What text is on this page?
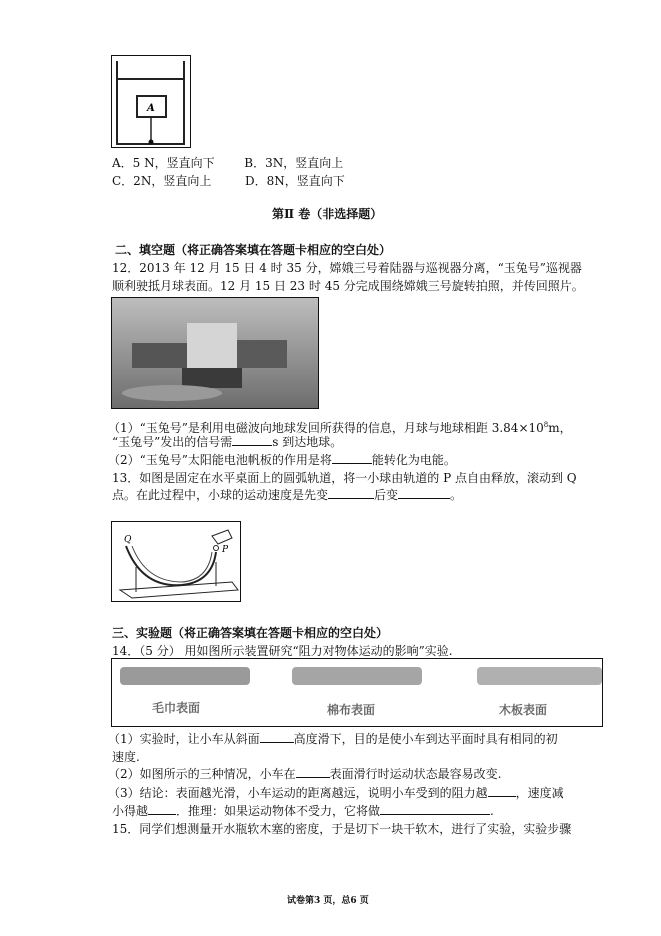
A
A．5 N，竖直向下 B．3N，竖直向上
C．2N，竖直向上	D．8N，竖直向下
第Ⅱ 卷（非选择题）
二、填空题（将正确答案填在答题卡相应的空白处）
12．2013 年 12 月 15 日 4 时 35 分，嫦娥三号着陆器与巡视器分离，“玉兔号”巡视器
顺利驶抵月球表面。12 月 15 日 23 时 45 分完成围绕嫦娥三号旋转拍照，并传回照片。
（1）“玉兔号”是利用电磁波向地球发回所获得的信息，月球与地球相距 $3.84\times 10^8m$，
“玉兔号”发出的信号需	s 到达地球。
（2）“玉兔号”太阳能电池帆板的作用是将	能转化为电能。
13．如图是固定在水平桌面上的圆弧轨道，将一小球由轨道的 P 点自由释放，滚动到 Q
点。在此过程中，小球的运动速度是先变	后变	。
Q
P
三、实验题（将正确答案填在答题卡相应的空白处）
14．（5 分） 用如图所示装置研究“阻力对物体运动的影响”实验.
毛巾表面	棉布表面	木板表面
（1）实验时，让小车从斜面	高度滑下，目的是使小车到达平面时具有相同的初
速度.
（2）如图所示的三种情况，小车在	表面滑行时运动状态最容易改变.
（3）结论：表面越光滑，小车运动的距离越远，说明小车受到的阻力越 ，速度减
小得越 ．推理：如果运动物体不受力，它将做	.
15．同学们想测量开水瓶软木塞的密度，于是切下一块干软木，进行了实验，实验步骤
试卷第3 页，总6 页
